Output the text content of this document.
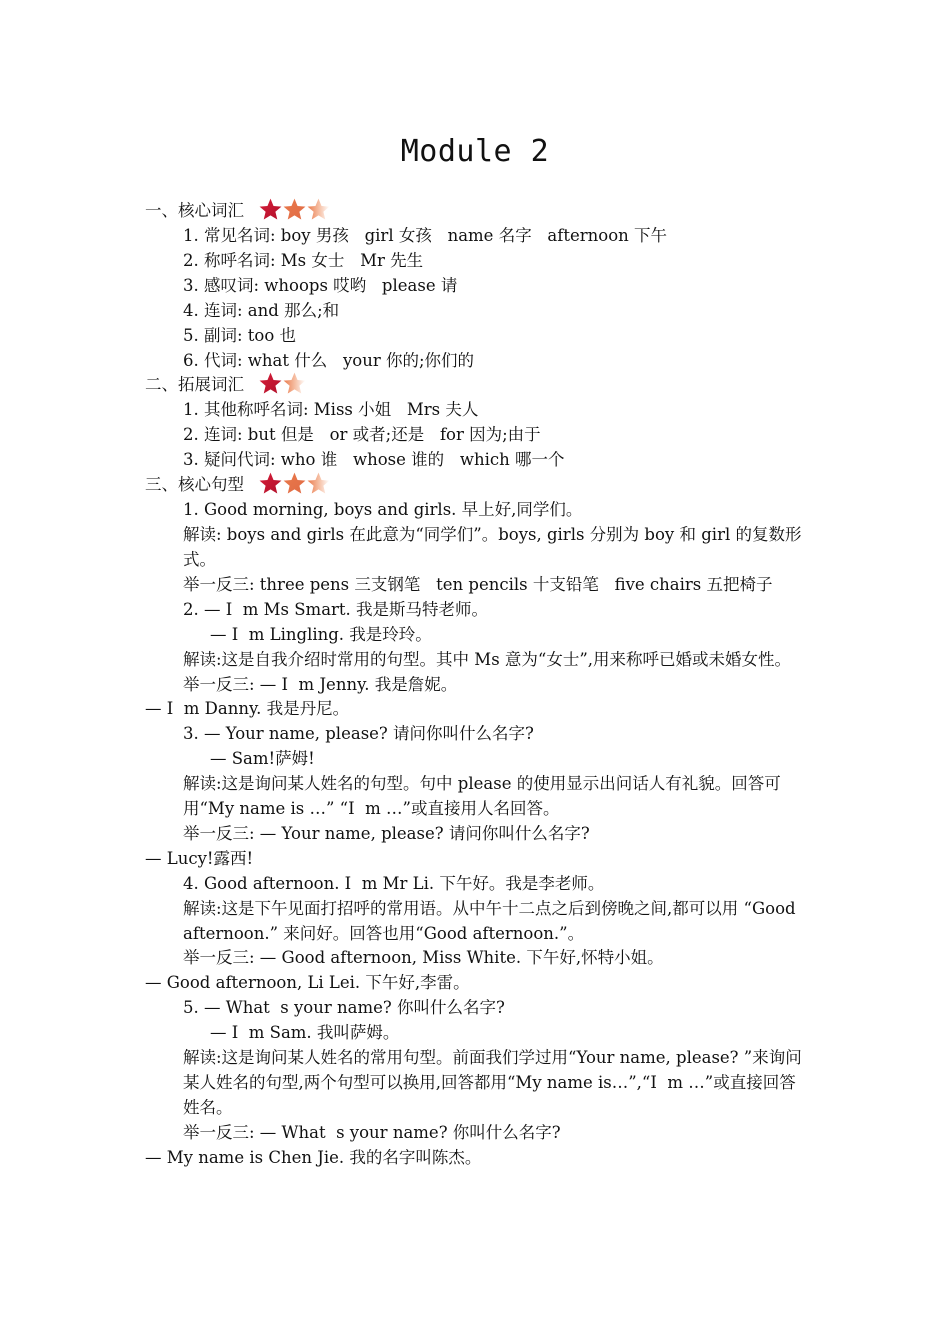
Module 2
一、核心词汇
1. 常见名词: boy 男孩   girl 女孩   name 名字   afternoon 下午
2. 称呼名词: Ms 女士   Mr 先生
3. 感叹词: whoops 哎哟   please 请
4. 连词: and 那么;和
5. 副词: too 也
6. 代词: what 什么   your 你的;你们的
二、拓展词汇
1. 其他称呼名词: Miss 小姐   Mrs 夫人
2. 连词: but 但是   or 或者;还是   for 因为;由于
3. 疑问代词: who 谁   whose 谁的   which 哪一个
三、核心句型
1. Good morning, boys and girls. 早上好,同学们。
解读: boys and girls 在此意为“同学们”。boys, girls 分别为 boy 和 girl 的复数形式。
举一反三: three pens 三支钢笔   ten pencils 十支铅笔   five chairs 五把椅子
2. — I  m Ms Smart. 我是斯马特老师。
— I  m Lingling. 我是玲玲。
解读:这是自我介绍时常用的句型。其中 Ms 意为“女士”,用来称呼已婚或未婚女性。
举一反三: — I  m Jenny. 我是詹妮。
— I  m Danny. 我是丹尼。
3. — Your name, please? 请问你叫什么名字?
— Sam!萨姆!
解读:这是询问某人姓名的句型。句中 please 的使用显示出问话人有礼貌。回答可用“My name is …” “I  m …”或直接用人名回答。
举一反三: — Your name, please? 请问你叫什么名字?
— Lucy!露西!
4. Good afternoon. I  m Mr Li. 下午好。我是李老师。
解读:这是下午见面打招呼的常用语。从中午十二点之后到傍晚之间,都可以用 “Good afternoon.” 来问好。回答也用“Good afternoon.”。
举一反三: — Good afternoon, Miss White. 下午好,怀特小姐。
— Good afternoon, Li Lei. 下午好,李雷。
5. — What  s your name? 你叫什么名字?
— I  m Sam. 我叫萨姆。
解读:这是询问某人姓名的常用句型。前面我们学过用“Your name, please? ”来询问某人姓名的句型,两个句型可以换用,回答都用“My name is…”,“I  m …”或直接回答姓名。
举一反三: — What  s your name? 你叫什么名字?
— My name is Chen Jie. 我的名字叫陈杰。
